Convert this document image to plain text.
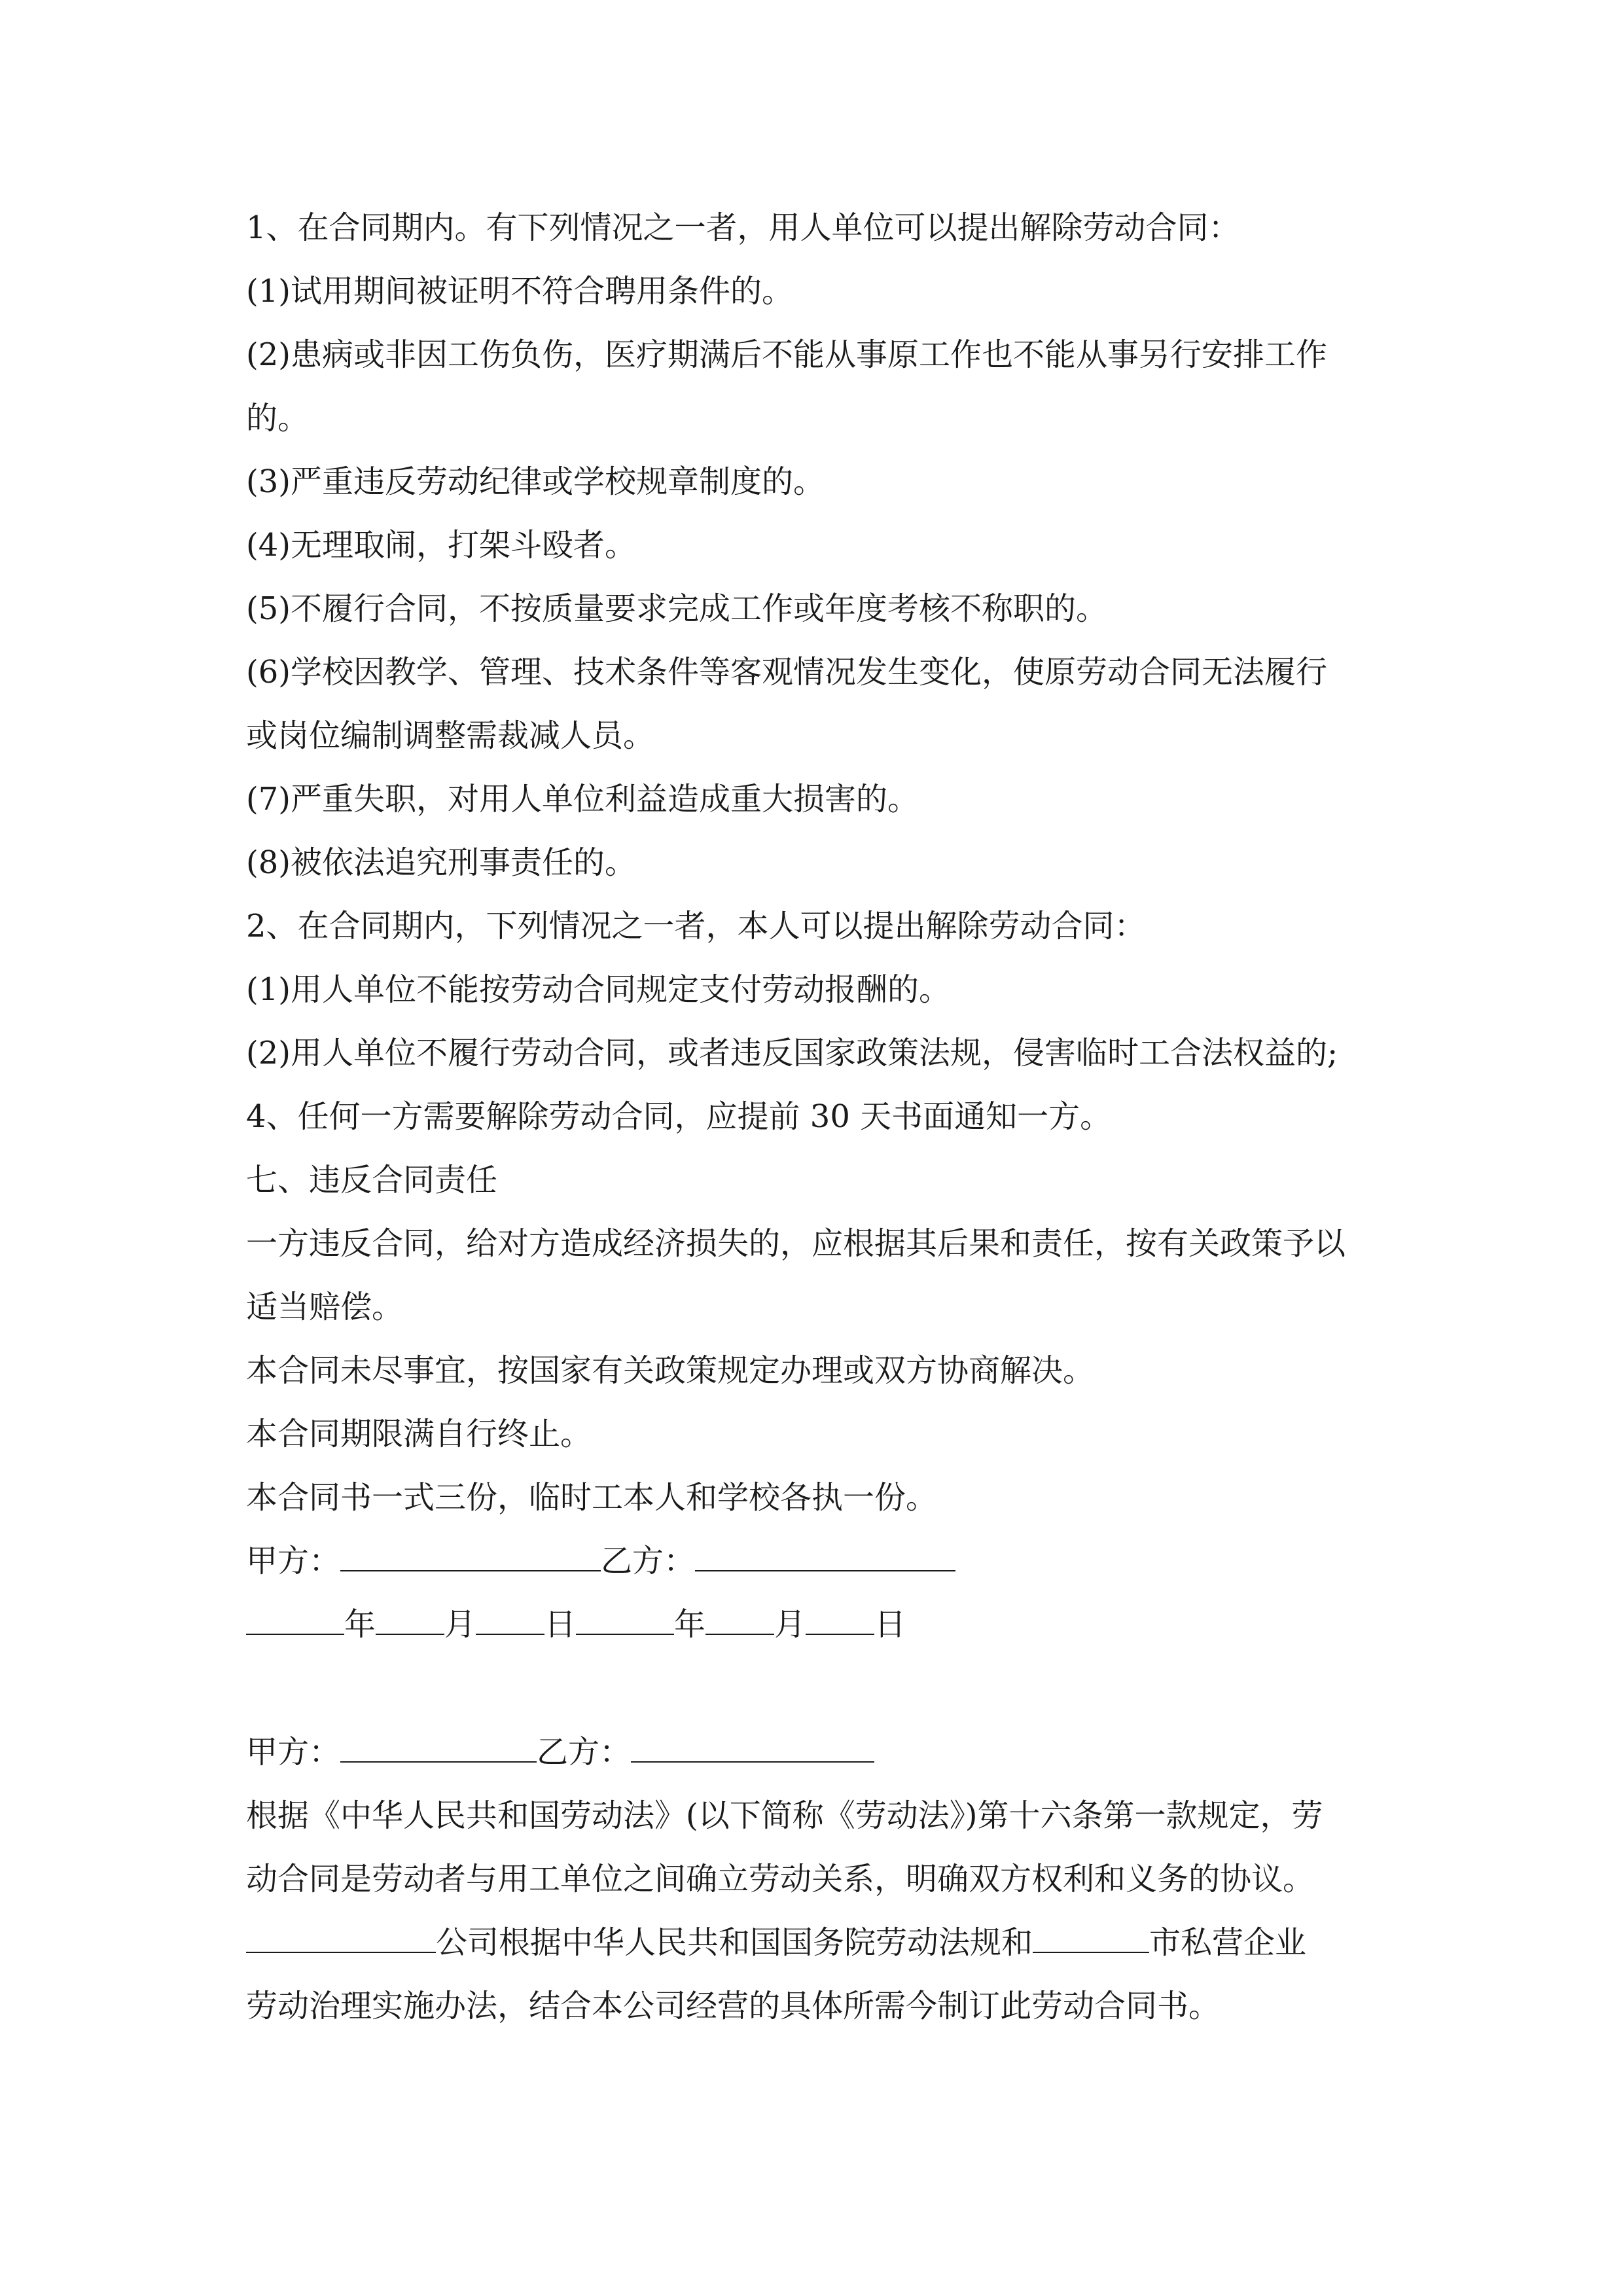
1、在合同期内。有下列情况之一者，用人单位可以提出解除劳动合同：
(1)试用期间被证明不符合聘用条件的。
(2)患病或非因工伤负伤，医疗期满后不能从事原工作也不能从事另行安排工作
的。
(3)严重违反劳动纪律或学校规章制度的。
(4)无理取闹，打架斗殴者。
(5)不履行合同，不按质量要求完成工作或年度考核不称职的。
(6)学校因教学、管理、技术条件等客观情况发生变化，使原劳动合同无法履行
或岗位编制调整需裁减人员。
(7)严重失职，对用人单位利益造成重大损害的。
(8)被依法追究刑事责任的。
2、在合同期内，下列情况之一者，本人可以提出解除劳动合同：
(1)用人单位不能按劳动合同规定支付劳动报酬的。
(2)用人单位不履行劳动合同，或者违反国家政策法规，侵害临时工合法权益的;
4、任何一方需要解除劳动合同，应提前 30 天书面通知一方。
七、违反合同责任
一方违反合同，给对方造成经济损失的，应根据其后果和责任，按有关政策予以
适当赔偿。
本合同未尽事宜，按国家有关政策规定办理或双方协商解决。
本合同期限满自行终止。
本合同书一式三份，临时工本人和学校各执一份。
甲方：	乙方：
年 月 日	年 月 日
甲方：	乙方：
根据《中华人民共和国劳动法》(以下简称《劳动法》)第十六条第一款规定，劳
动合同是劳动者与用工单位之间确立劳动关系，明确双方权利和义务的协议。
公司根据中华人民共和国国务院劳动法规和	市私营企业
劳动治理实施办法，结合本公司经营的具体所需今制订此劳动合同书。
